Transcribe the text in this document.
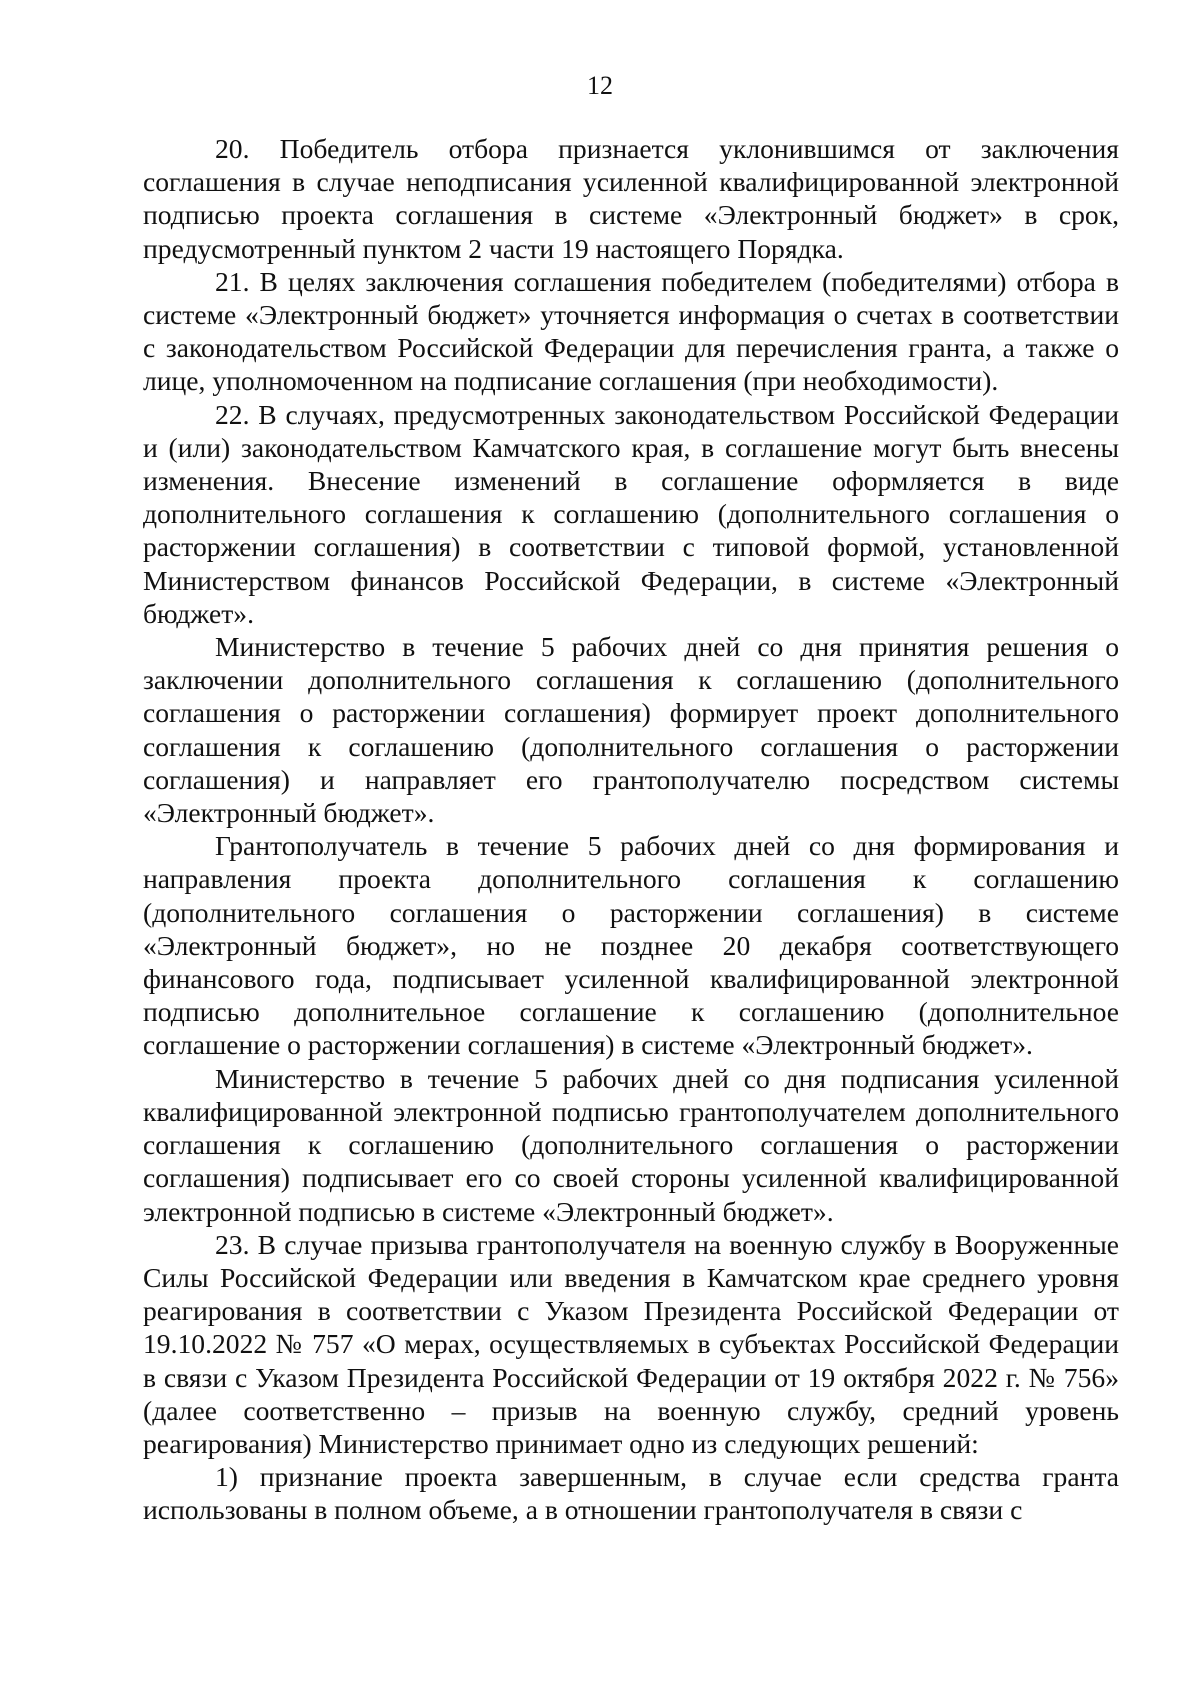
12

20. Победитель отбора признается уклонившимся от заключения соглашения в случае неподписания усиленной квалифицированной электронной подписью проекта соглашения в системе «Электронный бюджет» в срок, предусмотренный пунктом 2 части 19 настоящего Порядка.

21. В целях заключения соглашения победителем (победителями) отбора в системе «Электронный бюджет» уточняется информация о счетах в соответствии с законодательством Российской Федерации для перечисления гранта, а также о лице, уполномоченном на подписание соглашения (при необходимости).

22. В случаях, предусмотренных законодательством Российской Федерации и (или) законодательством Камчатского края, в соглашение могут быть внесены изменения. Внесение изменений в соглашение оформляется в виде дополнительного соглашения к соглашению (дополнительного соглашения о расторжении соглашения) в соответствии с типовой формой, установленной Министерством финансов Российской Федерации, в системе «Электронный бюджет».

Министерство в течение 5 рабочих дней со дня принятия решения о заключении дополнительного соглашения к соглашению (дополнительного соглашения о расторжении соглашения) формирует проект дополнительного соглашения к соглашению (дополнительного соглашения о расторжении соглашения) и направляет его грантополучателю посредством системы «Электронный бюджет».

Грантополучатель в течение 5 рабочих дней со дня формирования и направления проекта дополнительного соглашения к соглашению (дополнительного соглашения о расторжении соглашения) в системе «Электронный бюджет», но не позднее 20 декабря соответствующего финансового года, подписывает усиленной квалифицированной электронной подписью дополнительное соглашение к соглашению (дополнительное соглашение о расторжении соглашения) в системе «Электронный бюджет».

Министерство в течение 5 рабочих дней со дня подписания усиленной квалифицированной электронной подписью грантополучателем дополнительного соглашения к соглашению (дополнительного соглашения о расторжении соглашения) подписывает его со своей стороны усиленной квалифицированной электронной подписью в системе «Электронный бюджет».

23. В случае призыва грантополучателя на военную службу в Вооруженные Силы Российской Федерации или введения в Камчатском крае среднего уровня реагирования в соответствии с Указом Президента Российской Федерации от 19.10.2022 № 757 «О мерах, осуществляемых в субъектах Российской Федерации в связи с Указом Президента Российской Федерации от 19 октября 2022 г. № 756» (далее соответственно – призыв на военную службу, средний уровень реагирования) Министерство принимает одно из следующих решений:

1) признание проекта завершенным, в случае если средства гранта использованы в полном объеме, а в отношении грантополучателя в связи с
